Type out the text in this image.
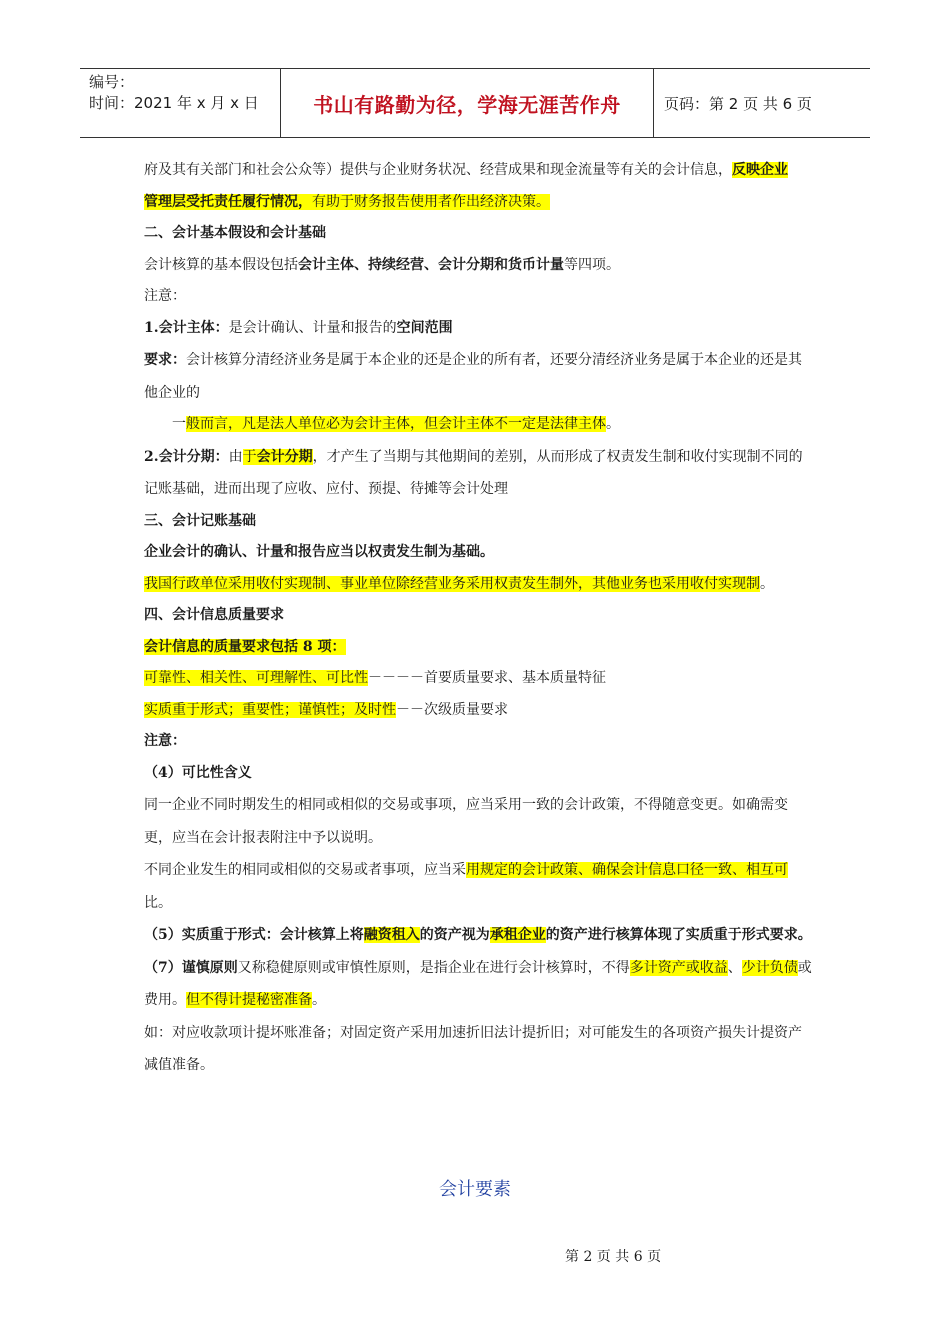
编号：
时间：2021 年 x 月 x 日	书山有路勤为径，学海无涯苦作舟	页码：第 2 页 共 6 页

府及其有关部门和社会公众等）提供与企业财务状况、经营成果和现金流量等有关的会计信息，反映企业

管理层受托责任履行情况，有助于财务报告使用者作出经济决策。

二、会计基本假设和会计基础

会计核算的基本假设包括会计主体、持续经营、会计分期和货币计量等四项。

注意：

1.会计主体：是会计确认、计量和报告的空间范围

要求：会计核算分清经济业务是属于本企业的还是企业的所有者，还要分清经济业务是属于本企业的还是其他企业的

一般而言，凡是法人单位必为会计主体，但会计主体不一定是法律主体。

2.会计分期：由于会计分期，才产生了当期与其他期间的差别，从而形成了权责发生制和收付实现制不同的记账基础，进而出现了应收、应付、预提、待摊等会计处理

三、会计记账基础

企业会计的确认、计量和报告应当以权责发生制为基础。

我国行政单位采用收付实现制、事业单位除经营业务采用权责发生制外，其他业务也采用收付实现制。

四、会计信息质量要求

会计信息的质量要求包括 8 项：

可靠性、相关性、可理解性、可比性－－－－首要质量要求、基本质量特征

实质重于形式；重要性；谨慎性；及时性－－次级质量要求

注意：

（4）可比性含义

同一企业不同时期发生的相同或相似的交易或事项，应当采用一致的会计政策，不得随意变更。如确需变更，应当在会计报表附注中予以说明。

不同企业发生的相同或相似的交易或者事项，应当采用规定的会计政策、确保会计信息口径一致、相互可比。

（5）实质重于形式：会计核算上将融资租入的资产视为承租企业的资产进行核算体现了实质重于形式要求。

（7）谨慎原则又称稳健原则或审慎性原则，是指企业在进行会计核算时，不得多计资产或收益、少计负债或费用。但不得计提秘密准备。

如：对应收款项计提坏账准备；对固定资产采用加速折旧法计提折旧；对可能发生的各项资产损失计提资产减值准备。

会计要素
第 2 页 共 6 页
